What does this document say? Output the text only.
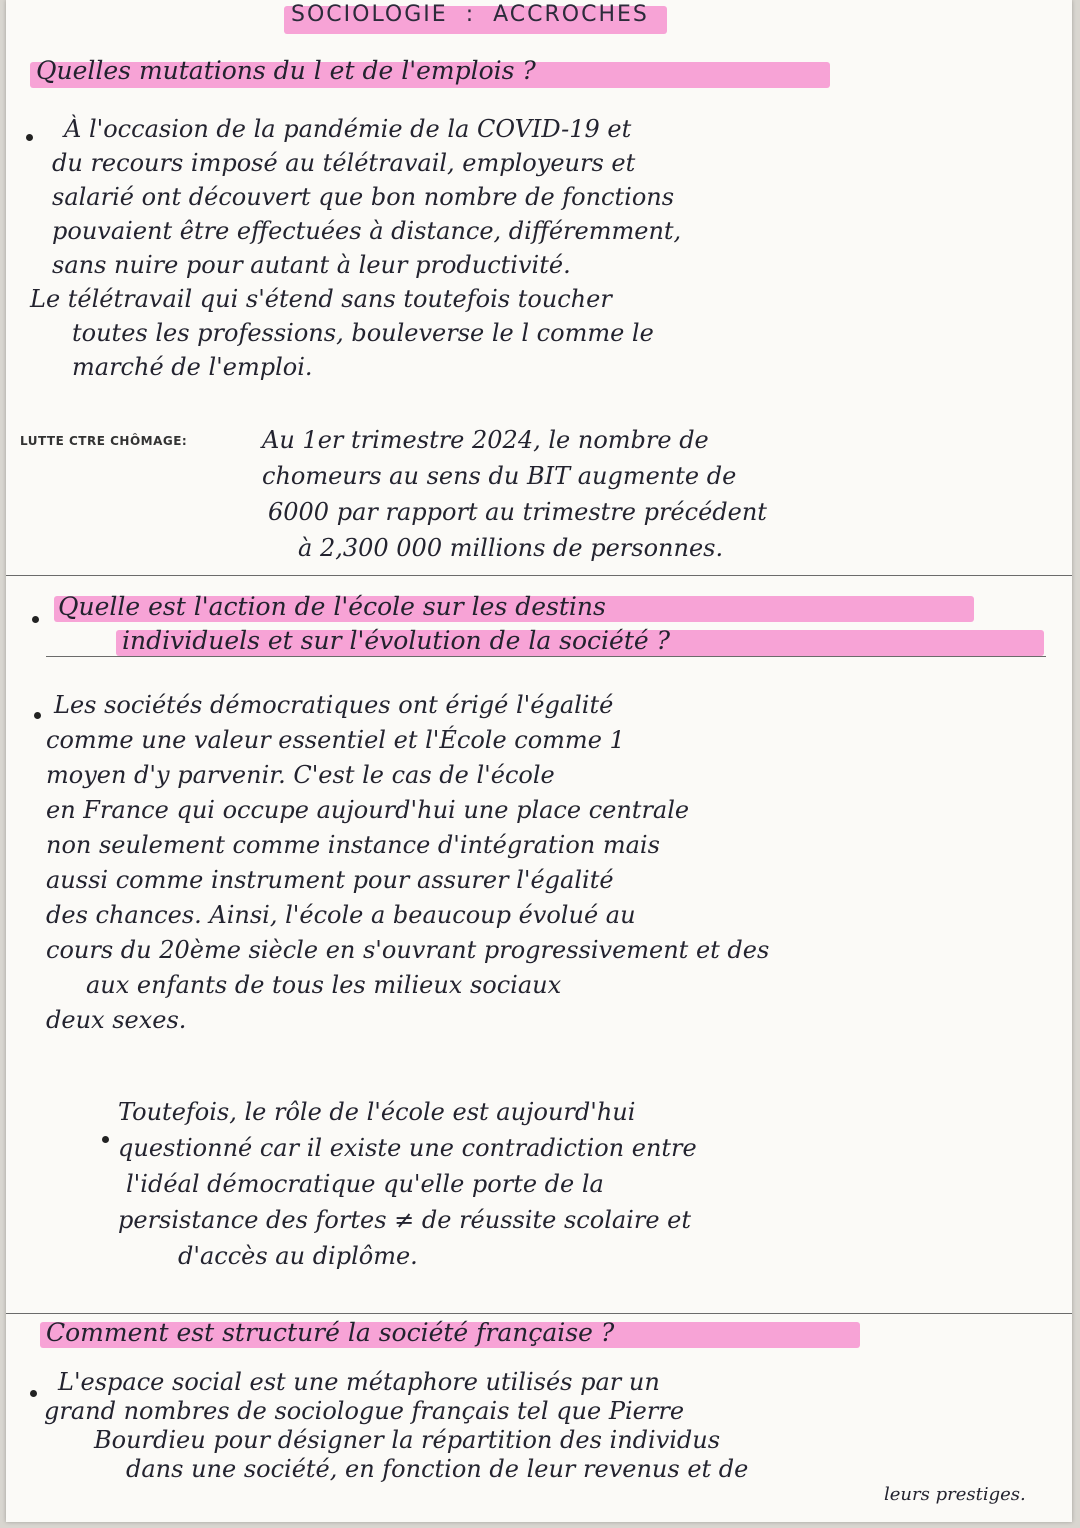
SOCIOLOGIE : ACCROCHES
Quelles mutations du l et de l'emplois ?
À l'occasion de la pandémie de la COVID-19 et
du recours imposé au télétravail, employeurs et
salarié ont découvert que bon nombre de fonctions
pouvaient être effectuées à distance, différemment,
sans nuire pour autant à leur productivité.
Le télétravail qui s'étend sans toutefois toucher
toutes les professions, bouleverse le l comme le
marché de l'emploi.
LUTTE CTRE CHÔMAGE:	Au 1er trimestre 2024, le nombre de
chomeurs au sens du BIT augmente de
6000 par rapport au trimestre précédent
à 2,300 000 millions de personnes.
Quelle est l'action de l'école sur les destins
individuels et sur l'évolution de la société ?
Les sociétés démocratiques ont érigé l'égalité
comme une valeur essentiel et l'École comme 1
moyen d'y parvenir. C'est le cas de l'école
en France qui occupe aujourd'hui une place centrale
non seulement comme instance d'intégration mais
aussi comme instrument pour assurer l'égalité
des chances. Ainsi, l'école a beaucoup évolué au
cours du 20ème siècle en s'ouvrant progressivement et des
aux enfants de tous les milieux sociaux
deux sexes.
Toutefois, le rôle de l'école est aujourd'hui
questionné car il existe une contradiction entre
l'idéal démocratique qu'elle porte de la
persistance des fortes ≠ de réussite scolaire et
d'accès au diplôme.
Comment est structuré la société française ?
L'espace social est une métaphore utilisés par un
grand nombres de sociologue français tel que Pierre
Bourdieu pour désigner la répartition des individus
dans une société, en fonction de leur revenus et de
leurs prestiges.
